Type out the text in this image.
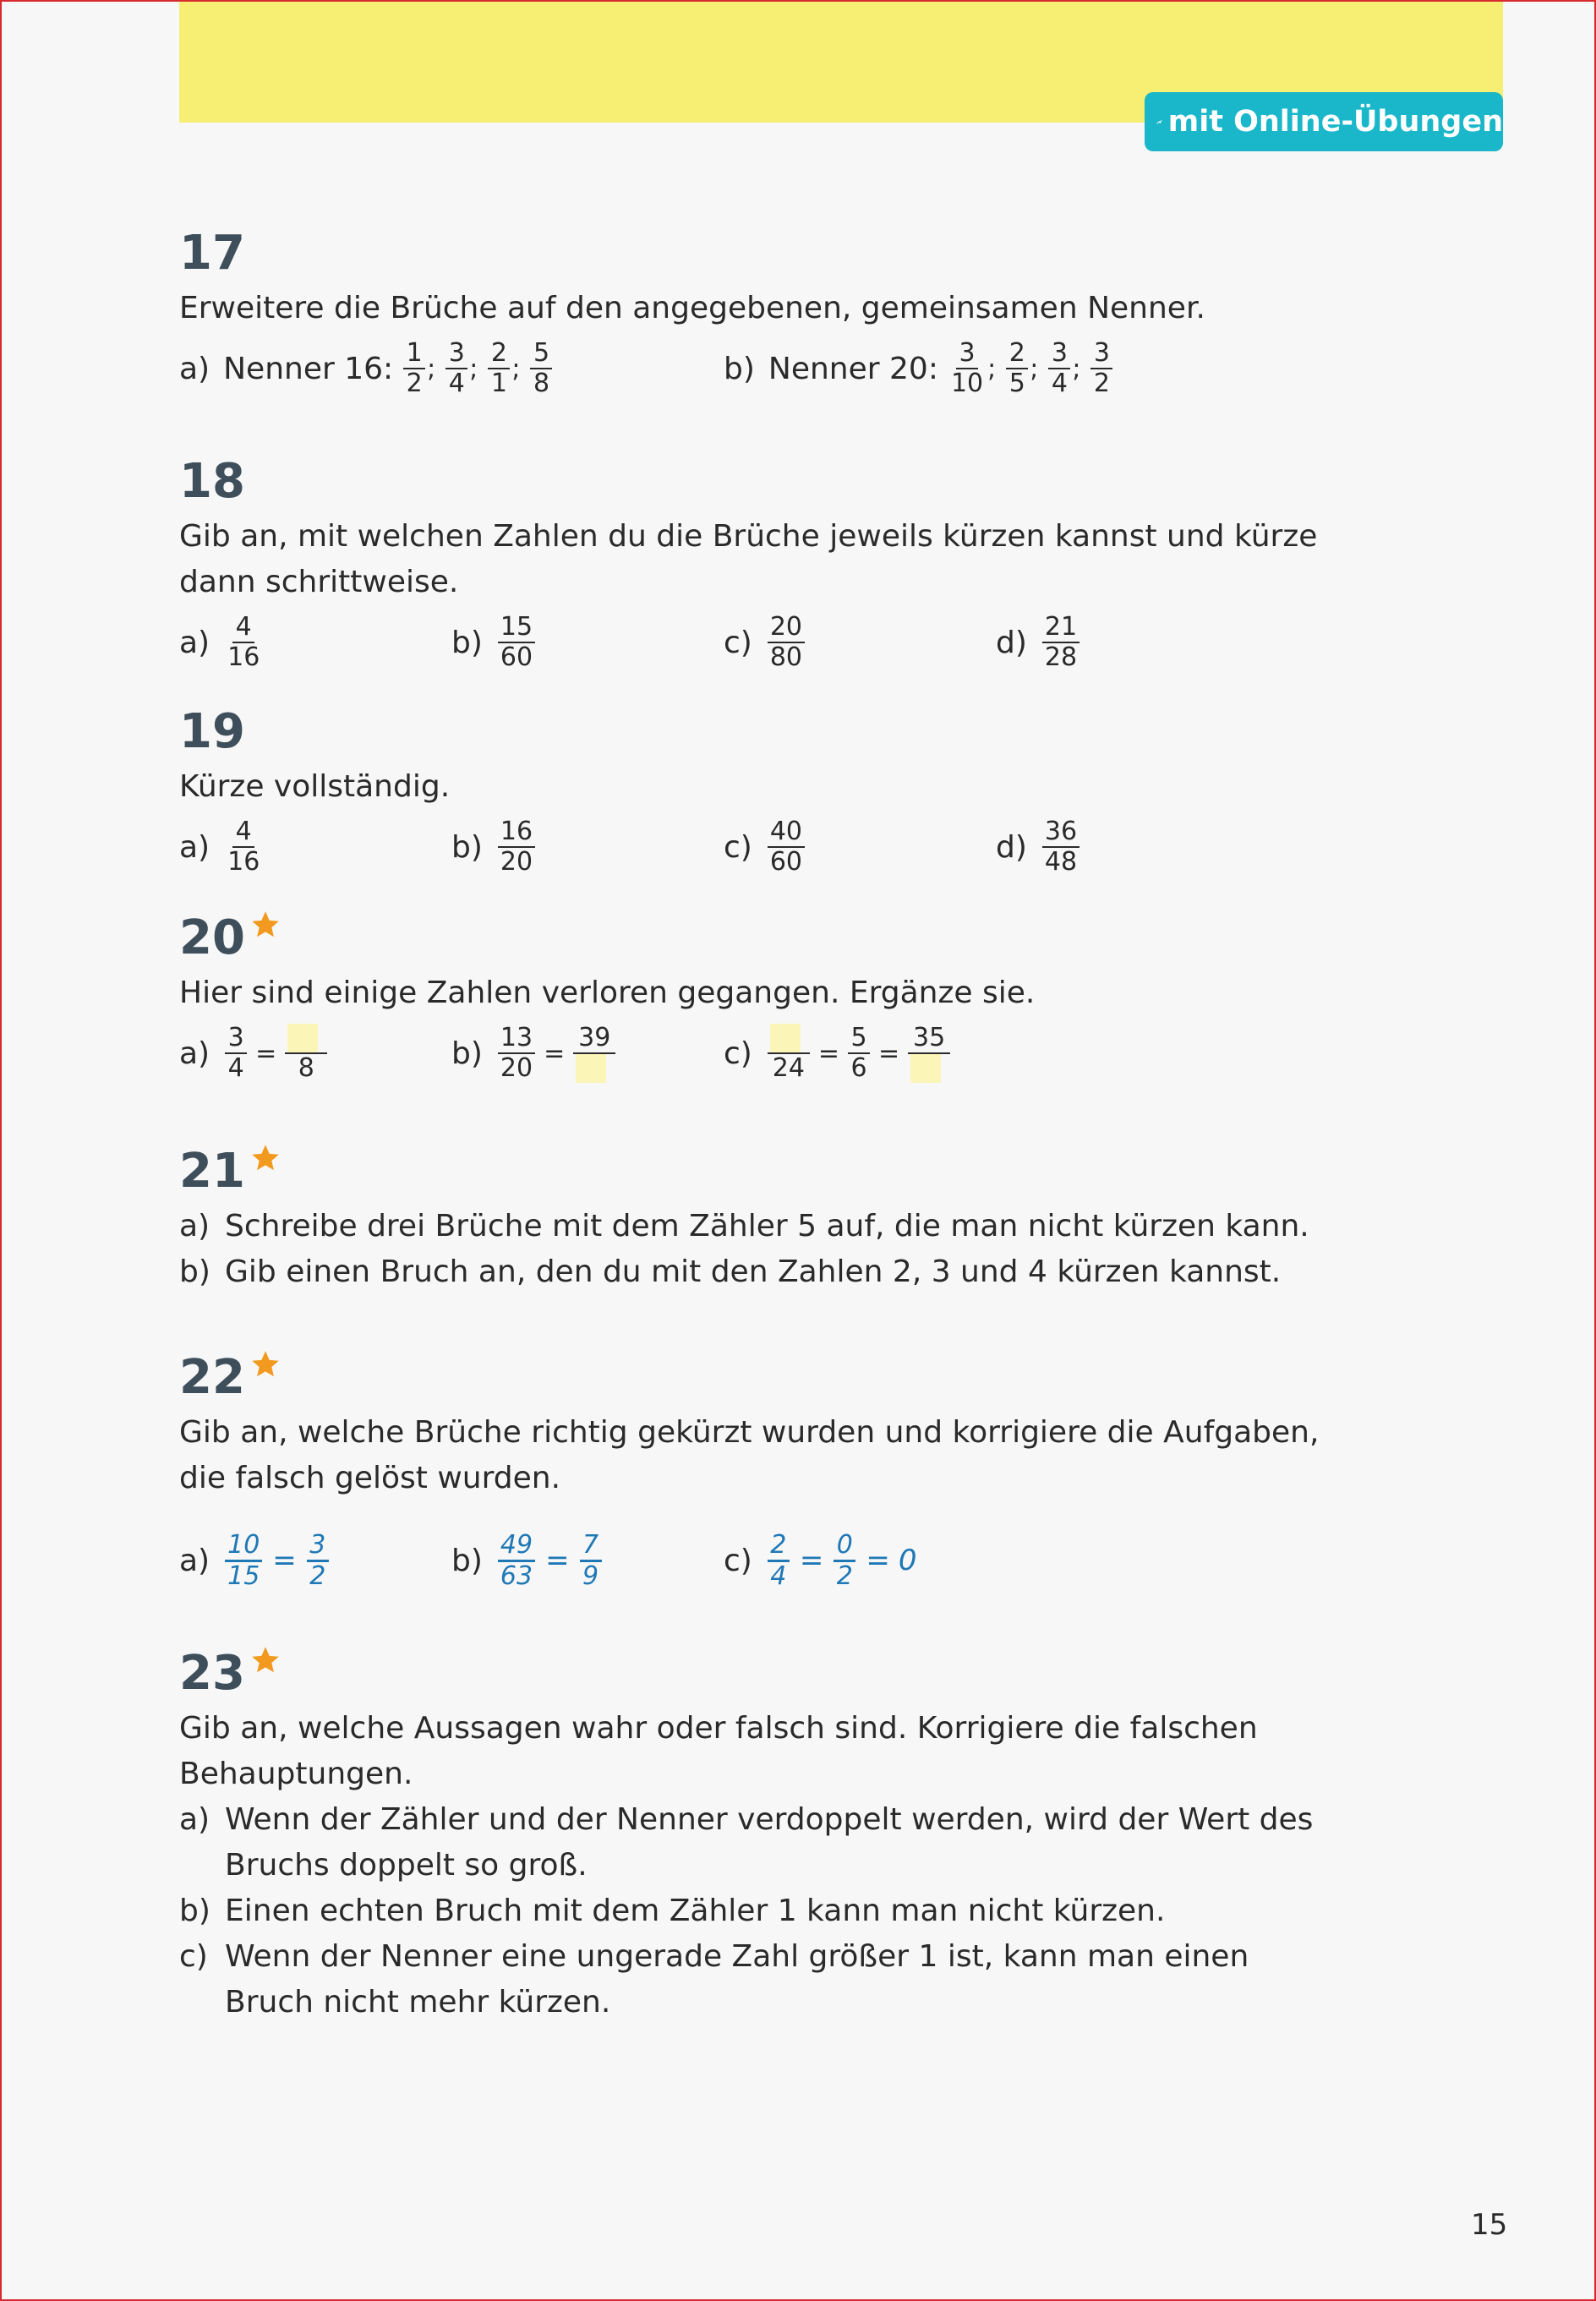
mit Online-Übungen
17
Erweitere die Brüche auf den angegebenen, gemeinsamen Nenner.
a) Nenner 16: $\frac{1}{2}$ ; $\frac{3}{4}$ ; $\frac{2}{1}$ ; $\frac{5}{8}$	b) Nenner 20: $\frac{3}{10}$ ; $\frac{2}{5}$ ; $\frac{3}{4}$ ; $\frac{3}{2}$
18
Gib an, mit welchen Zahlen du die Brüche jeweils kürzen kannst und kürze
dann schrittweise.
$a) \frac{4}{16}$	$b) \frac{15}{60}$	$c) \frac{20}{80}$	$d) \frac{21}{28}$
19
Kürze vollständig.
$a) \frac{4}{16}$	$b) \frac{16}{20}$	$c) \frac{40}{60}$	$d) \frac{36}{48}$
20
Hier sind einige Zahlen verloren gegangen. Ergänze sie.
$a) \frac{3}{4} = 8$	$b) \frac{13}{20}$ =
39	c) $24 = \frac{5}{6}$ =
35
21
a) Schreibe drei Brüche mit dem Zähler 5 auf, die man nicht kürzen kann.
b) Gib einen Bruch an, den du mit den Zahlen 2, 3 und 4 kürzen kannst.
22
Gib an, welche Brüche richtig gekürzt wurden und korrigiere die Aufgaben,
die falsch gelöst wurden.
$a) \frac{10}{15} = \frac{3}{2}$	$b) \frac{49}{63} = \frac{7}{9}$	$c) \frac{2}{4} = \frac{0}{2} = 0$
23
Gib an, welche Aussagen wahr oder falsch sind. Korrigiere die falschen
Behauptungen.
a) Wenn der Zähler und der Nenner verdoppelt werden, wird der Wert des
Bruchs doppelt so groß.
b) Einen echten Bruch mit dem Zähler 1 kann man nicht kürzen.
c) Wenn der Nenner eine ungerade Zahl größer 1 ist, kann man einen
Bruch nicht mehr kürzen.
15
